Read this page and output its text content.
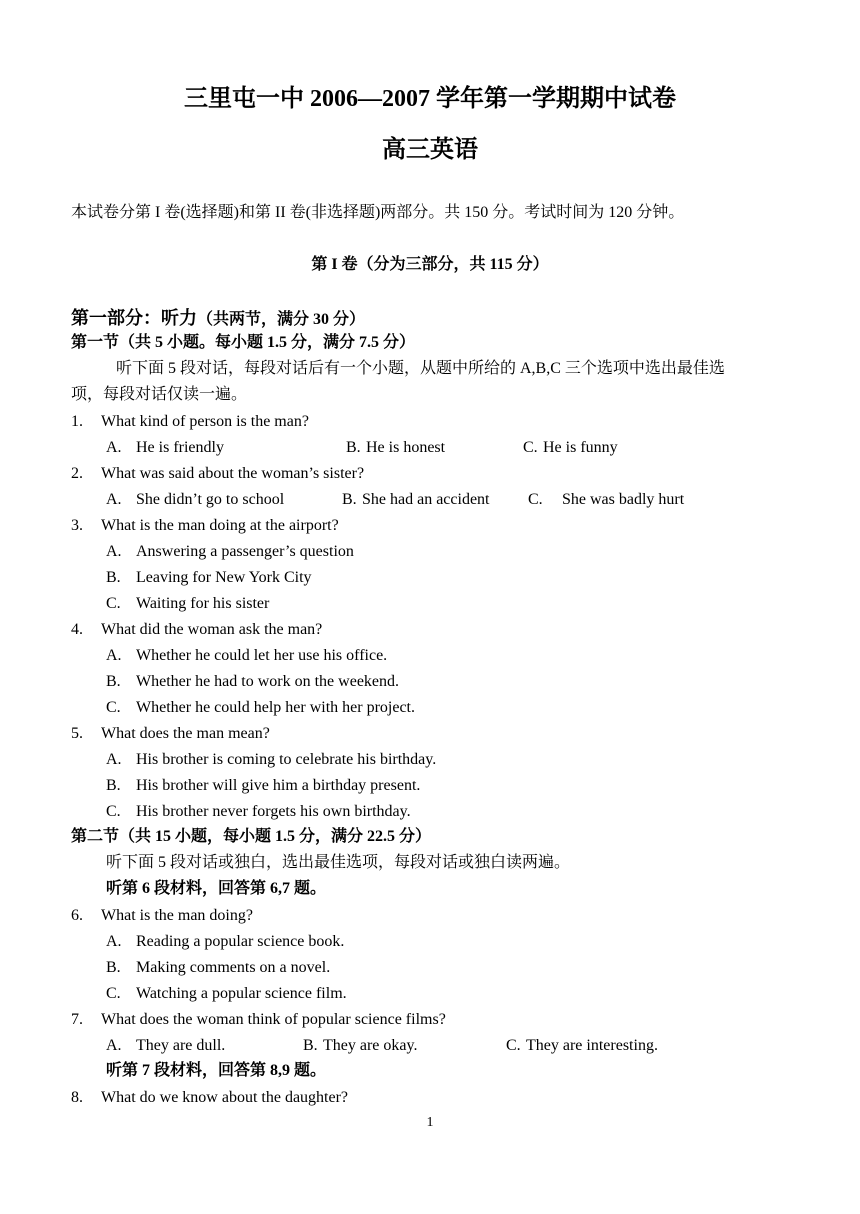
三里屯一中 2006—2007 学年第一学期期中试卷
高三英语
本试卷分第 I 卷(选择题)和第 II 卷(非选择题)两部分。共 150 分。考试时间为 120 分钟。
第 I 卷（分为三部分，共 115 分）
第一部分：听力（共两节，满分 30 分）
第一节（共 5 小题。每小题 1.5 分，满分 7.5 分）
听下面 5 段对话，每段对话后有一个小题，从题中所给的 A,B,C 三个选项中选出最佳选
项，每段对话仅读一遍。
1. What kind of person is the man?
A. He is friendly	B. He is honest	C. He is funny
2. What was said about the woman’s sister?
A. She didn’t go to school	B. She had an accident C. She was badly hurt
3. What is the man doing at the airport?
A. Answering a passenger’s question
B. Leaving for New York City
C. Waiting for his sister
4. What did the woman ask the man?
A. Whether he could let her use his office.
B. Whether he had to work on the weekend.
C. Whether he could help her with her project.
5. What does the man mean?
A. His brother is coming to celebrate his birthday.
B. His brother will give him a birthday present.
C. His brother never forgets his own birthday.
第二节（共 15 小题，每小题 1.5 分，满分 22.5 分）
听下面 5 段对话或独白，选出最佳选项，每段对话或独白读两遍。
听第 6 段材料，回答第 6,7 题。
6. What is the man doing?
A. Reading a popular science book.
B. Making comments on a novel.
C. Watching a popular science film.
7. What does the woman think of popular science films?
A. They are dull.	B. They are okay.	C. They are interesting.
听第 7 段材料，回答第 8,9 题。
8. What do we know about the daughter?
1
